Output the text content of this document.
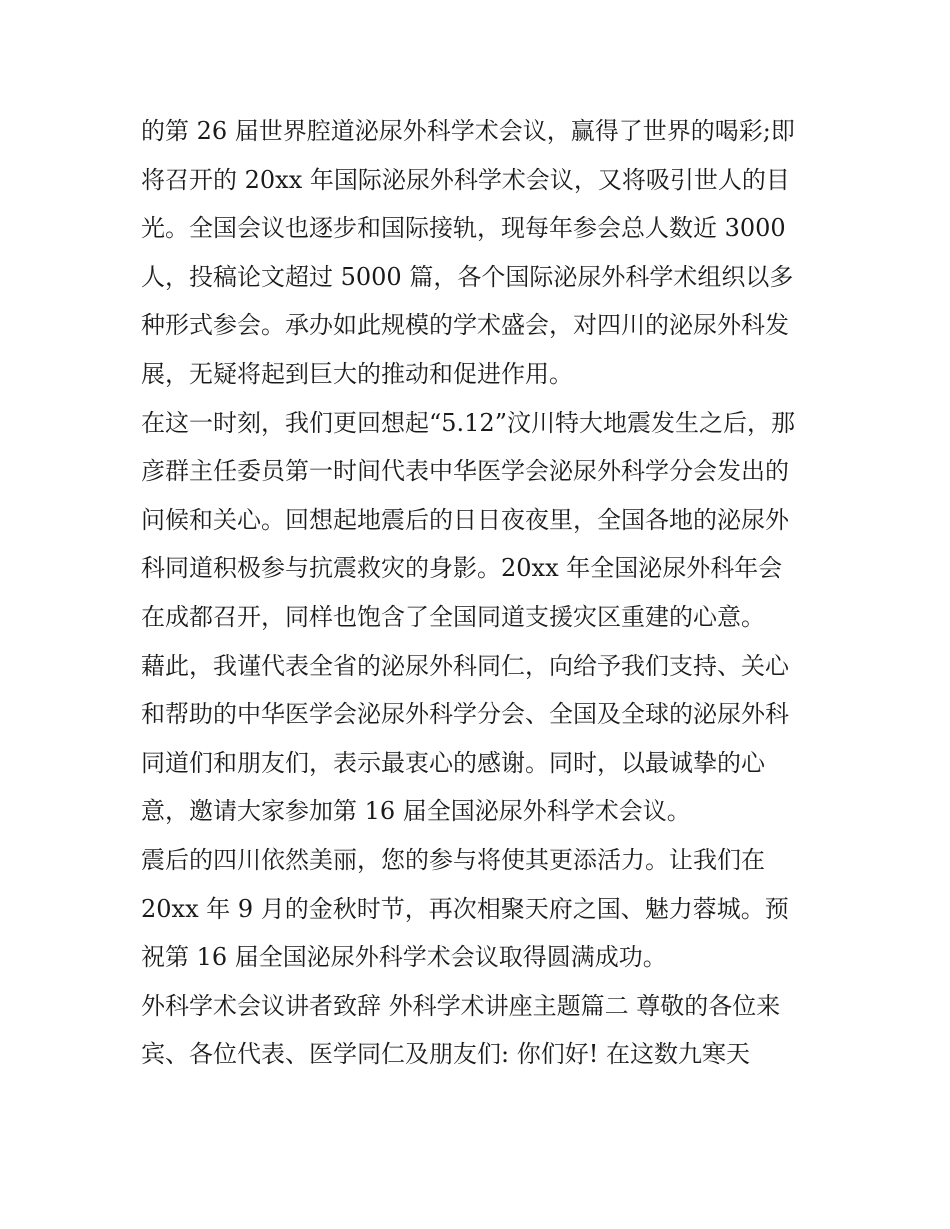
的第 26 届世界腔道泌尿外科学术会议，赢得了世界的喝彩;即
将召开的 20xx 年国际泌尿外科学术会议，又将吸引世人的目
光。全国会议也逐步和国际接轨，现每年参会总人数近 3000
人，投稿论文超过 5000 篇，各个国际泌尿外科学术组织以多
种形式参会。承办如此规模的学术盛会，对四川的泌尿外科发
展，无疑将起到巨大的推动和促进作用。
在这一时刻，我们更回想起“5.12”汶川特大地震发生之后，那
彦群主任委员第一时间代表中华医学会泌尿外科学分会发出的
问候和关心。回想起地震后的日日夜夜里，全国各地的泌尿外
科同道积极参与抗震救灾的身影。20xx 年全国泌尿外科年会
在成都召开，同样也饱含了全国同道支援灾区重建的心意。
藉此，我谨代表全省的泌尿外科同仁，向给予我们支持、关心
和帮助的中华医学会泌尿外科学分会、全国及全球的泌尿外科
同道们和朋友们，表示最衷心的感谢。同时，以最诚挚的心
意，邀请大家参加第 16 届全国泌尿外科学术会议。
震后的四川依然美丽，您的参与将使其更添活力。让我们在
20xx 年 9 月的金秋时节，再次相聚天府之国、魅力蓉城。预
祝第 16 届全国泌尿外科学术会议取得圆满成功。
外科学术会议讲者致辞 外科学术讲座主题篇二 尊敬的各位来
宾、各位代表、医学同仁及朋友们: 你们好! 在这数九寒天
